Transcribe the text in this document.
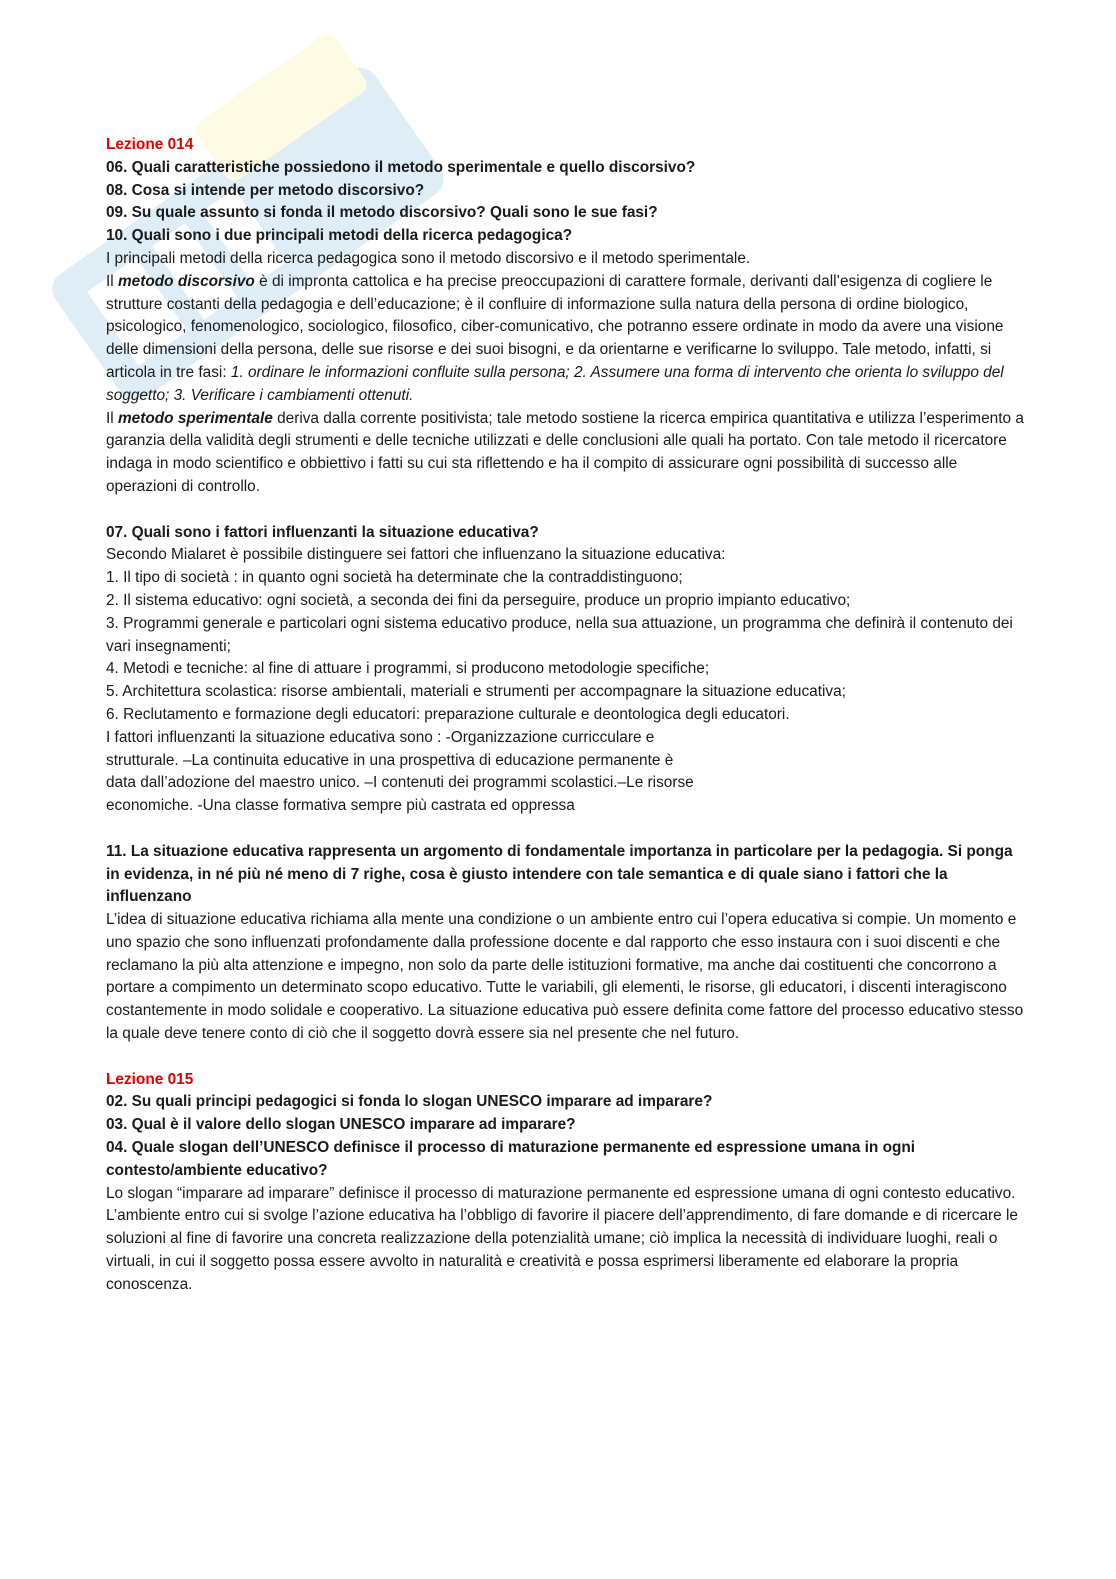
Lezione 014

06. Quali caratteristiche possiedono il metodo sperimentale e quello discorsivo?

08. Cosa si intende per metodo discorsivo?

09. Su quale assunto si fonda il metodo discorsivo? Quali sono le sue fasi?

10. Quali sono i due principali metodi della ricerca pedagogica?

I principali metodi della ricerca pedagogica sono il metodo discorsivo e il metodo sperimentale.

Il metodo discorsivo è di impronta cattolica e ha precise preoccupazioni di carattere formale, derivanti dall’esigenza di cogliere le strutture costanti della pedagogia e dell’educazione; è il confluire di informazione sulla natura della persona di ordine biologico, psicologico, fenomenologico, sociologico, filosofico, ciber-comunicativo, che potranno essere ordinate in modo da avere una visione delle dimensioni della persona, delle sue risorse e dei suoi bisogni, e da orientarne e verificarne lo sviluppo. Tale metodo, infatti, si articola in tre fasi: 1. ordinare le informazioni confluite sulla persona; 2. Assumere una forma di intervento che orienta lo sviluppo del soggetto; 3. Verificare i cambiamenti ottenuti.

Il metodo sperimentale deriva dalla corrente positivista; tale metodo sostiene la ricerca empirica quantitativa e utilizza l’esperimento a garanzia della validità degli strumenti e delle tecniche utilizzati e delle conclusioni alle quali ha portato. Con tale metodo il ricercatore indaga in modo scientifico e obbiettivo i fatti su cui sta riflettendo e ha il compito di assicurare ogni possibilità di successo alle operazioni di controllo.

07. Quali sono i fattori influenzanti la situazione educativa?

Secondo Mialaret è possibile distinguere sei fattori che influenzano la situazione educativa:

1. Il tipo di società : in quanto ogni società ha determinate che la contraddistinguono;

2. Il sistema educativo: ogni società, a seconda dei fini da perseguire, produce un proprio impianto educativo;

3. Programmi generale e particolari ogni sistema educativo produce, nella sua attuazione, un programma che definirà il contenuto dei vari insegnamenti;

4. Metodi e tecniche: al fine di attuare i programmi, si producono metodologie specifiche;

5. Architettura scolastica: risorse ambientali, materiali e strumenti per accompagnare la situazione educativa;

6. Reclutamento e formazione degli educatori: preparazione culturale e deontologica degli educatori.

I fattori influenzanti la situazione educativa sono : -Organizzazione curricculare e

strutturale. –La continuita educative in una prospettiva di educazione permanente è

data dall’adozione del maestro unico. –I contenuti dei programmi scolastici.–Le risorse

economiche. -Una classe formativa sempre più castrata ed oppressa

11. La situazione educativa rappresenta un argomento di fondamentale importanza in particolare per la pedagogia. Si ponga in evidenza, in né più né meno di 7 righe, cosa è giusto intendere con tale semantica e di quale siano i fattori che la influenzano

L’idea di situazione educativa richiama alla mente una condizione o un ambiente entro cui l’opera educativa si compie. Un momento e uno spazio che sono influenzati profondamente dalla professione docente e dal rapporto che esso instaura con i suoi discenti e che reclamano la più alta attenzione e impegno, non solo da parte delle istituzioni formative, ma anche dai costituenti che concorrono a portare a compimento un determinato scopo educativo. Tutte le variabili, gli elementi, le risorse, gli educatori, i discenti interagiscono costantemente in modo solidale e cooperativo. La situazione educativa può essere definita come fattore del processo educativo stesso la quale deve tenere conto di ciò che il soggetto dovrà essere sia nel presente che nel futuro.

Lezione 015

02. Su quali principi pedagogici si fonda lo slogan UNESCO imparare ad imparare?

03. Qual è il valore dello slogan UNESCO imparare ad imparare?

04. Quale slogan dell’UNESCO definisce il processo di maturazione permanente ed espressione umana in ogni contesto/ambiente educativo?

Lo slogan “imparare ad imparare” definisce il processo di maturazione permanente ed espressione umana di ogni contesto educativo. L’ambiente entro cui si svolge l’azione educativa ha l’obbligo di favorire il piacere dell’apprendimento, di fare domande e di ricercare le soluzioni al fine di favorire una concreta realizzazione della potenzialità umane; ciò implica la necessità di individuare luoghi, reali o virtuali, in cui il soggetto possa essere avvolto in naturalità e creatività e possa esprimersi liberamente ed elaborare la propria conoscenza.
